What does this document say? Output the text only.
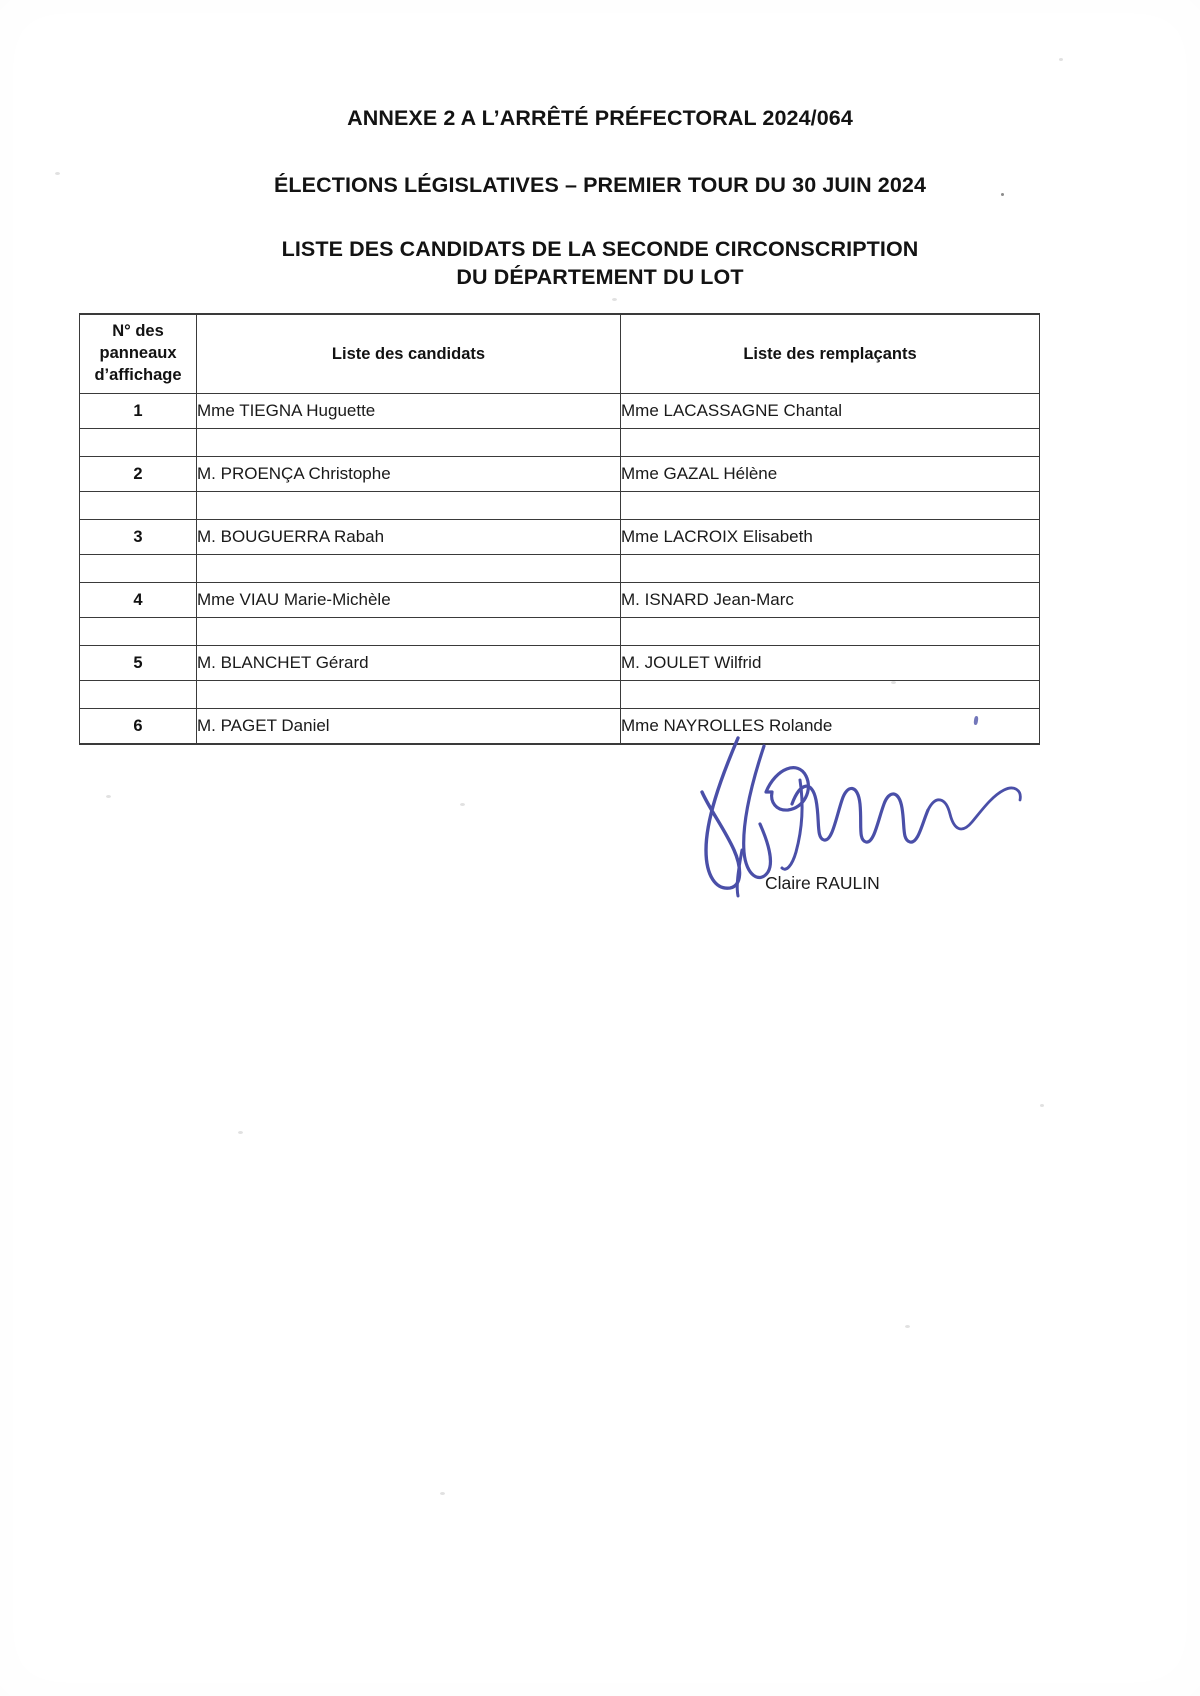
ANNEXE 2 A L’ARRÊTÉ PRÉFECTORAL 2024/064
ÉLECTIONS LÉGISLATIVES – PREMIER TOUR DU 30 JUIN 2024
LISTE DES CANDIDATS DE LA SECONDE CIRCONSCRIPTION
DU DÉPARTEMENT DU LOT
N° des
panneaux
d’affichage	Liste des candidats	Liste des remplaçants
1	Mme TIEGNA Huguette	Mme LACASSAGNE Chantal

2	M. PROENÇA Christophe	Mme GAZAL Hélène

3	M. BOUGUERRA Rabah	Mme LACROIX Elisabeth

4	Mme VIAU Marie-Michèle	M. ISNARD Jean-Marc

5	M. BLANCHET Gérard	M. JOULET Wilfrid

6	M. PAGET Daniel	Mme NAYROLLES Rolande
Claire RAULIN
